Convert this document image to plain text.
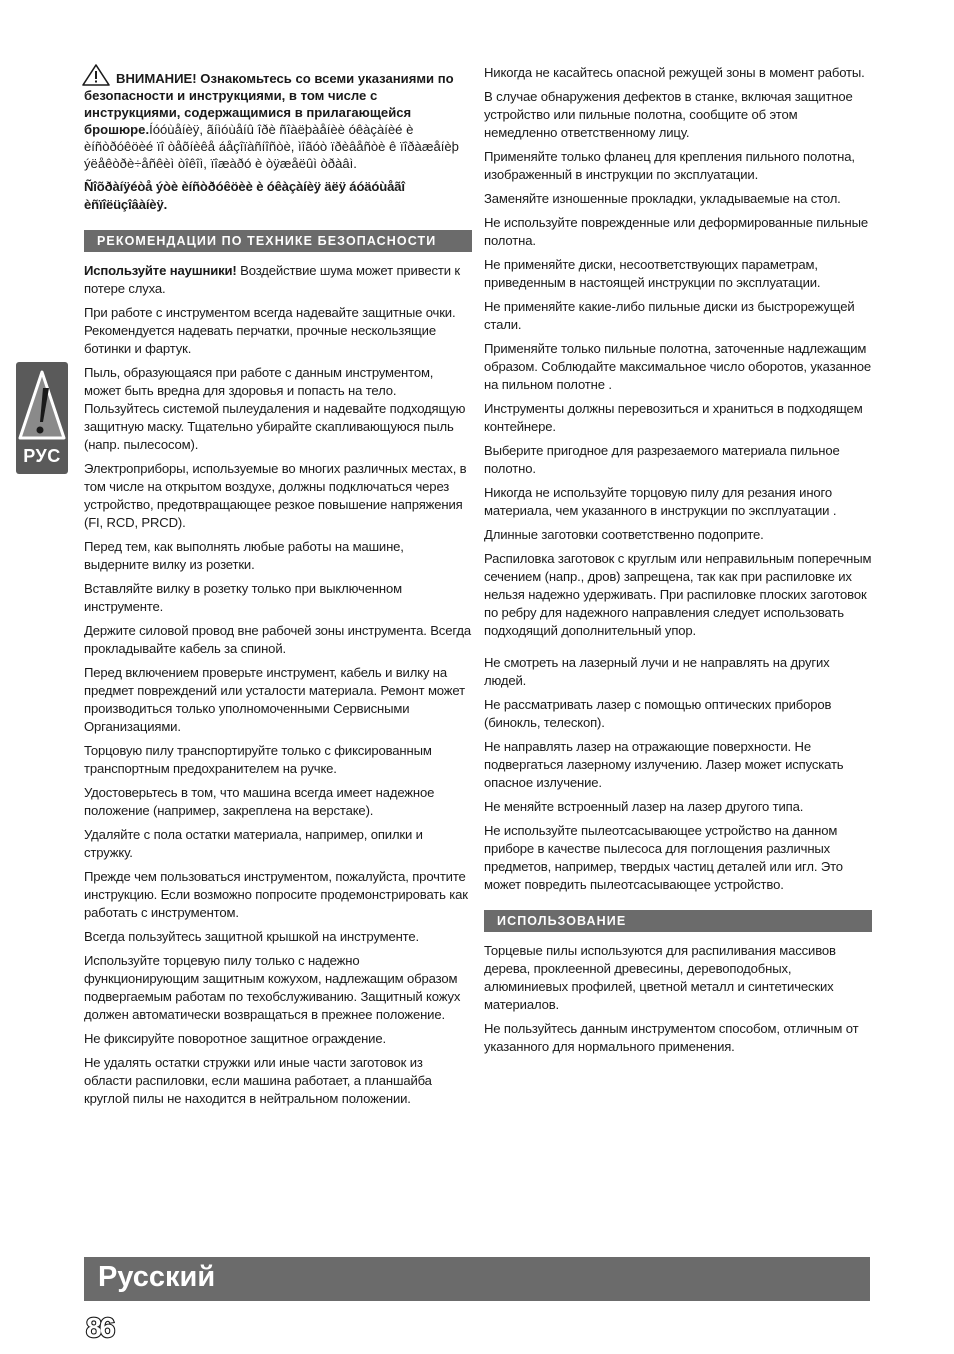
РУС
ВНИМАНИЕ! Ознакомьтесь со всеми указаниями по безопасности и инструкциями, в том числе с инструкциями, содержащимися в прилагающейся брошюре.Íóóùåíèÿ, ãíìóùåíû îðè ñîàëþàåíèè óêàçàíèé è èíñòðóêöèé ïî òåõíèêå áåçîïàñíîñòè, ìîãóò ïðèâåñòè ê ïîðàæåíèþ ýëåêòðè÷åñêèì òîêîì, ïîæàðó è òÿæåëûì òðàâì.

Ñîõðàíÿéòå ýòè èíñòðóêöèè è óêàçàíèÿ äëÿ áóäóùåãî èñïîëüçîâàíèÿ.

РЕКОМЕНДАЦИИ ПО ТЕХНИКЕ БЕЗОПАСНОСТИ

Используйте наушники! Воздействие шума может привести к потере слуха.

При работе с инструментом всегда надевайте защитные очки. Рекомендуется надевать перчатки, прочные нескользящие ботинки и фартук.

Пыль, образующаяся при работе с данным инструментом, может быть вредна для здоровья и попасть на тело. Пользуйтесь системой пылеудаления и надевайте подходящую защитную маску. Тщательно убирайте скапливающуюся пыль (напр. пылесосом).

Электроприборы, используемые во многих различных местах, в том числе на открытом воздухе, должны подключаться через устройство, предотвращающее резкое повышение напряжения (FI, RCD, PRCD).

Перед тем, как выполнять любые работы на машине, выдерните вилку из розетки.

Вставляйте вилку в розетку только при выключенном инструменте.

Держите силовой провод вне рабочей зоны инструмента. Всегда прокладывайте кабель за спиной.

Перед включением проверьте инструмент, кабель и вилку на предмет повреждений или усталости материала. Ремонт может производиться только уполномоченными Сервисными Организациями.

Торцовую пилу транспортируйте только с фиксированным транспортным предохранителем на ручке.

Удостоверьтесь в том, что машина всегда имеет надежное положение (например, закреплена на верстаке).

Удаляйте с пола остатки материала, например, опилки и стружку.

Прежде чем пользоваться инструментом, пожалуйста, прочтите инструкцию. Если возможно попросите продемонстрировать как работать с инструментом.

Всегда пользуйтесь защитной крышкой на инструменте.

Используйте торцевую пилу только с надежно функционирующим защитным кожухом, надлежащим образом подвергаемым работам по техобслуживанию. Защитный кожух должен автоматически возвращаться в прежнее положение.

Не фиксируйте поворотное защитное ограждение.

Не удалять остатки стружки или иные части заготовок из области распиловки, если машина работает, а планшайба круглой пилы не находится в нейтральном положении.

Никогда не касайтесь опасной режущей зоны в момент работы.

В случае обнаружения дефектов в станке, включая защитное устройство или пильные полотна, сообщите об этом немедленно ответственному лицу.

Применяйте только фланец для крепления пильного полотна, изображенный в инструкции по эксплуатации.

Заменяйте изношенные прокладки, укладываемые на стол.

Не используйте поврежденные или деформированные пильные полотна.

Не применяйте диски, несоответствующих параметрам, приведенным в настоящей инструкции по эксплуатации.

Не применяйте какие-либо пильные диски из быстрорежущей стали.

Применяйте только пильные полотна, заточенные надлежащим образом. Соблюдайте максимальное число оборотов, указанное на пильном полотне .

Инструменты должны перевозиться и храниться в подходящем контейнере.

Выберите пригодное для разрезаемого материала пильное полотно.

Никогда не используйте торцовую пилу для резания иного материала, чем указанного в инструкции по эксплуатации .

Длинные заготовки соответственно подоприте.

Распиловка заготовок с круглым или неправильным поперечным сечением (напр., дров) запрещена, так как при распиловке их нельзя надежно удерживать. При распиловке плоских заготовок по ребру для надежного направления следует использовать подходящий дополнительный упор.

Не смотреть на лазерный лучи и не направлять на других людей.

Не рассматривать лазер с помощью оптических приборов (бинокль, телескоп).

Не направлять лазер на отражающие поверхности. Не подвергаться лазерному излучению. Лазер может испускать опасное излучение.

Не меняйте встроенный лазер на лазер другого типа.

Не используйте пылеотсасывающее устройство на данном приборе в качестве пылесоса для поглощения различных предметов, например, твердых частиц деталей или игл. Это может повредить пылеотсасывающее устройство.

ИСПОЛЬЗОВАНИЕ

Торцевые пилы используются для распиливания массивов дерева, проклеенной древесины, деревоподобных, алюминиевых профилей, цветной металл и синтетических материалов.

Не пользуйтесь данным инструментом способом, отличным от указанного для нормального применения.

Русский
86
